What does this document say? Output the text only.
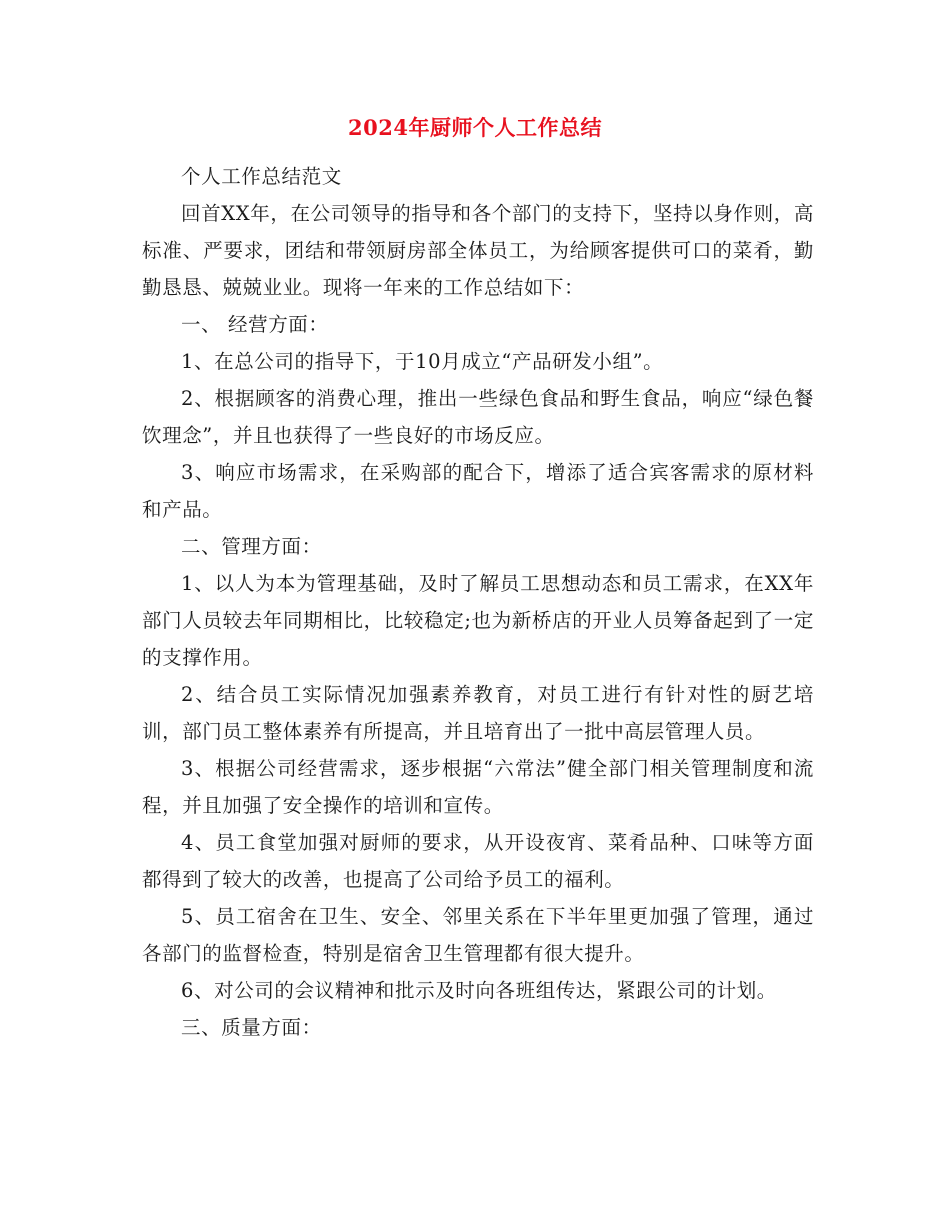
2024年厨师个人工作总结

个人工作总结范文

回首XX年，在公司领导的指导和各个部门的支持下，坚持以身作则，高标准、严要求，团结和带领厨房部全体员工，为给顾客提供可口的菜肴，勤勤恳恳、兢兢业业。现将一年来的工作总结如下：

一、 经营方面：

1、在总公司的指导下，于10月成立“产品研发小组”。

2、根据顾客的消费心理，推出一些绿色食品和野生食品，响应“绿色餐饮理念”，并且也获得了一些良好的市场反应。

3、响应市场需求，在采购部的配合下，增添了适合宾客需求的原材料和产品。

二、管理方面：

1、以人为本为管理基础，及时了解员工思想动态和员工需求，在XX年部门人员较去年同期相比，比较稳定;也为新桥店的开业人员筹备起到了一定的支撑作用。

2、结合员工实际情况加强素养教育，对员工进行有针对性的厨艺培训，部门员工整体素养有所提高，并且培育出了一批中高层管理人员。

3、根据公司经营需求，逐步根据“六常法”健全部门相关管理制度和流程，并且加强了安全操作的培训和宣传。

4、员工食堂加强对厨师的要求，从开设夜宵、菜肴品种、口味等方面都得到了较大的改善，也提高了公司给予员工的福利。

5、员工宿舍在卫生、安全、邻里关系在下半年里更加强了管理，通过各部门的监督检查，特别是宿舍卫生管理都有很大提升。

6、对公司的会议精神和批示及时向各班组传达，紧跟公司的计划。

三、质量方面：
